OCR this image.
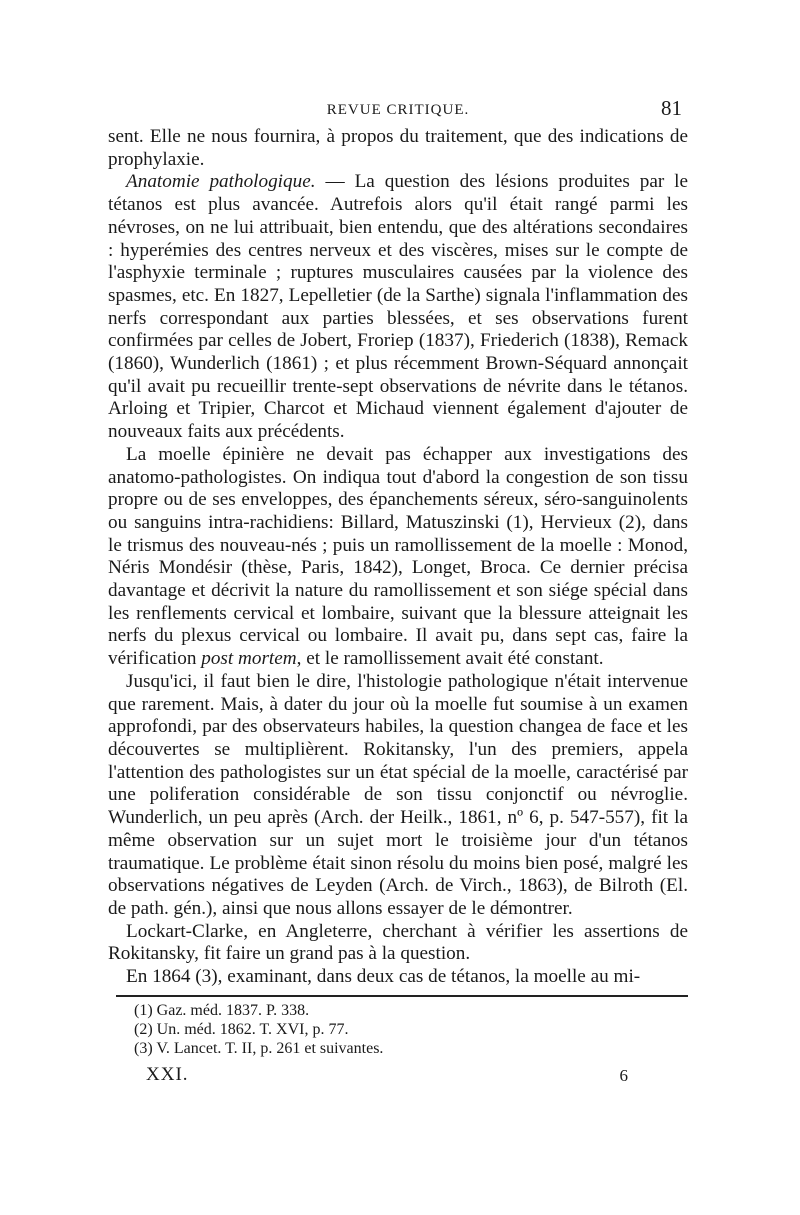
REVUE CRITIQUE.	81

sent. Elle ne nous fournira, à propos du traitement, que des indications de prophylaxie.

Anatomie pathologique. — La question des lésions produites par le tétanos est plus avancée. Autrefois alors qu'il était rangé parmi les névroses, on ne lui attribuait, bien entendu, que des altérations secondaires : hyperémies des centres nerveux et des viscères, mises sur le compte de l'asphyxie terminale ; ruptures musculaires causées par la violence des spasmes, etc. En 1827, Lepelletier (de la Sarthe) signala l'inflammation des nerfs correspondant aux parties blessées, et ses observations furent confirmées par celles de Jobert, Froriep (1837), Friederich (1838), Remack (1860), Wunderlich (1861) ; et plus récemment Brown-Séquard annonçait qu'il avait pu recueillir trente-sept observations de névrite dans le tétanos. Arloing et Tripier, Charcot et Michaud viennent également d'ajouter de nouveaux faits aux précédents.

La moelle épinière ne devait pas échapper aux investigations des anatomo-pathologistes. On indiqua tout d'abord la congestion de son tissu propre ou de ses enveloppes, des épanchements séreux, séro-sanguinolents ou sanguins intra-rachidiens: Billard, Matuszinski (1), Hervieux (2), dans le trismus des nouveau-nés ; puis un ramollissement de la moelle : Monod, Néris Mondésir (thèse, Paris, 1842), Longet, Broca. Ce dernier précisa davantage et décrivit la nature du ramollissement et son siége spécial dans les renflements cervical et lombaire, suivant que la blessure atteignait les nerfs du plexus cervical ou lombaire. Il avait pu, dans sept cas, faire la vérification post mortem, et le ramollissement avait été constant.

Jusqu'ici, il faut bien le dire, l'histologie pathologique n'était intervenue que rarement. Mais, à dater du jour où la moelle fut soumise à un examen approfondi, par des observateurs habiles, la question changea de face et les découvertes se multiplièrent. Rokitansky, l'un des premiers, appela l'attention des pathologistes sur un état spécial de la moelle, caractérisé par une poliferation considérable de son tissu conjonctif ou névroglie. Wunderlich, un peu après (Arch. der Heilk., 1861, nº 6, p. 547-557), fit la même observation sur un sujet mort le troisième jour d'un tétanos traumatique. Le problème était sinon résolu du moins bien posé, malgré les observations négatives de Leyden (Arch. de Virch., 1863), de Bilroth (El. de path. gén.), ainsi que nous allons essayer de le démontrer.

Lockart-Clarke, en Angleterre, cherchant à vérifier les assertions de Rokitansky, fit faire un grand pas à la question.

En 1864 (3), examinant, dans deux cas de tétanos, la moelle au mi-

(1) Gaz. méd. 1837. P. 338.
(2) Un. méd. 1862. T. XVI, p. 77.
(3) V. Lancet. T. II, p. 261 et suivantes.
XXI.	6
